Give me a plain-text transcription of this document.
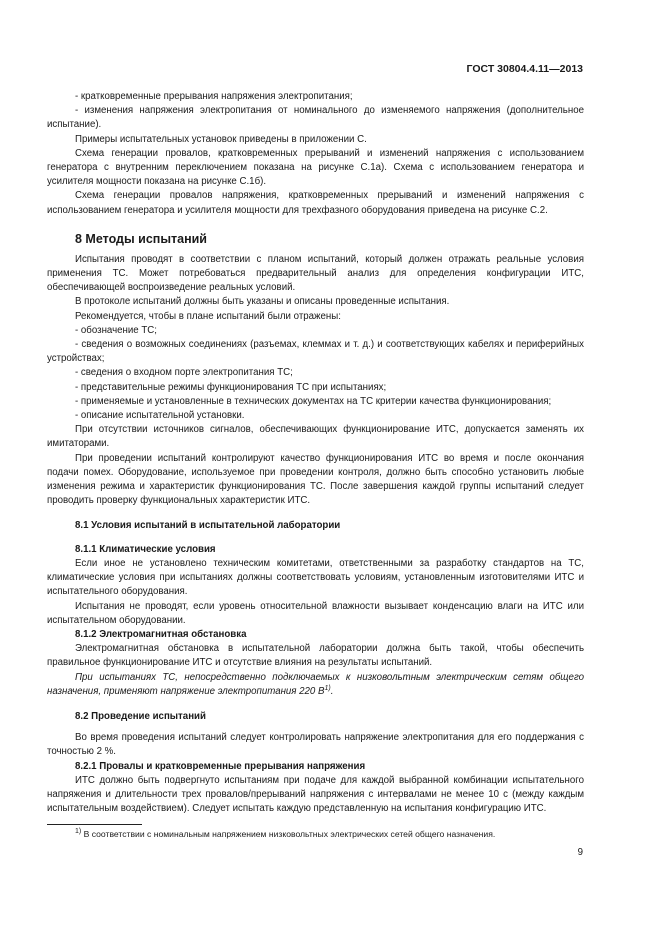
ГОСТ 30804.4.11—2013

- кратковременные прерывания напряжения электропитания;

- изменения напряжения электропитания от номинального до изменяемого напряжения (дополнительное испытание).

Примеры испытательных установок приведены в приложении С.

Схема генерации провалов, кратковременных прерываний и изменений напряжения с использованием генератора с внутренним переключением показана на рисунке С.1а). Схема с использованием генератора и усилителя мощности показана на рисунке С.1б).

Схема генерации провалов напряжения, кратковременных прерываний и изменений напряжения с использованием генератора и усилителя мощности для трехфазного оборудования приведена на рисунке С.2.

8 Методы испытаний

Испытания проводят в соответствии с планом испытаний, который должен отражать реальные условия применения ТС. Может потребоваться предварительный анализ для определения конфигурации ИТС, обеспечивающей воспроизведение реальных условий.

В протоколе испытаний должны быть указаны и описаны проведенные испытания.

Рекомендуется, чтобы в плане испытаний были отражены:

- обозначение ТС;

- сведения о возможных соединениях (разъемах, клеммах и т. д.) и соответствующих кабелях и периферийных устройствах;

- сведения о входном порте электропитания ТС;

- представительные режимы функционирования ТС при испытаниях;

- применяемые и установленные в технических документах на ТС критерии качества функционирования;

- описание испытательной установки.

При отсутствии источников сигналов, обеспечивающих функционирование ИТС, допускается заменять их имитаторами.

При проведении испытаний контролируют качество функционирования ИТС во время и после окончания подачи помех. Оборудование, используемое при проведении контроля, должно быть способно установить любые изменения режима и характеристик функционирования ТС. После завершения каждой группы испытаний следует проводить проверку функциональных характеристик ИТС.

8.1 Условия испытаний в испытательной лаборатории
8.1.1 Климатические условия

Если иное не установлено техническим комитетами, ответственными за разработку стандартов на ТС, климатические условия при испытаниях должны соответствовать условиям, установленным изготовителями ИТС и испытательного оборудования.

Испытания не проводят, если уровень относительной влажности вызывает конденсацию влаги на ИТС или испытательном оборудовании.

8.1.2 Электромагнитная обстановка

Электромагнитная обстановка в испытательной лаборатории должна быть такой, чтобы обеспечить правильное функционирование ИТС и отсутствие влияния на результаты испытаний.

При испытаниях ТС, непосредственно подключаемых к низковольтным электрическим сетям общего назначения, применяют напряжение электропитания 220 $В^{1)}$.

8.2 Проведение испытаний

Во время проведения испытаний следует контролировать напряжение электропитания для его поддержания с точностью 2 %.

8.2.1 Провалы и кратковременные прерывания напряжения

ИТС должно быть подвергнуто испытаниям при подаче для каждой выбранной комбинации испытательного напряжения и длительности трех провалов/прерываний напряжения с интервалами не менее 10 с (между каждым испытательным воздействием). Следует испытать каждую представленную на испытания конфигурацию ИТС.

$^{1)}$ В соответствии с номинальным напряжением низковольтных электрических сетей общего назначения.
9
